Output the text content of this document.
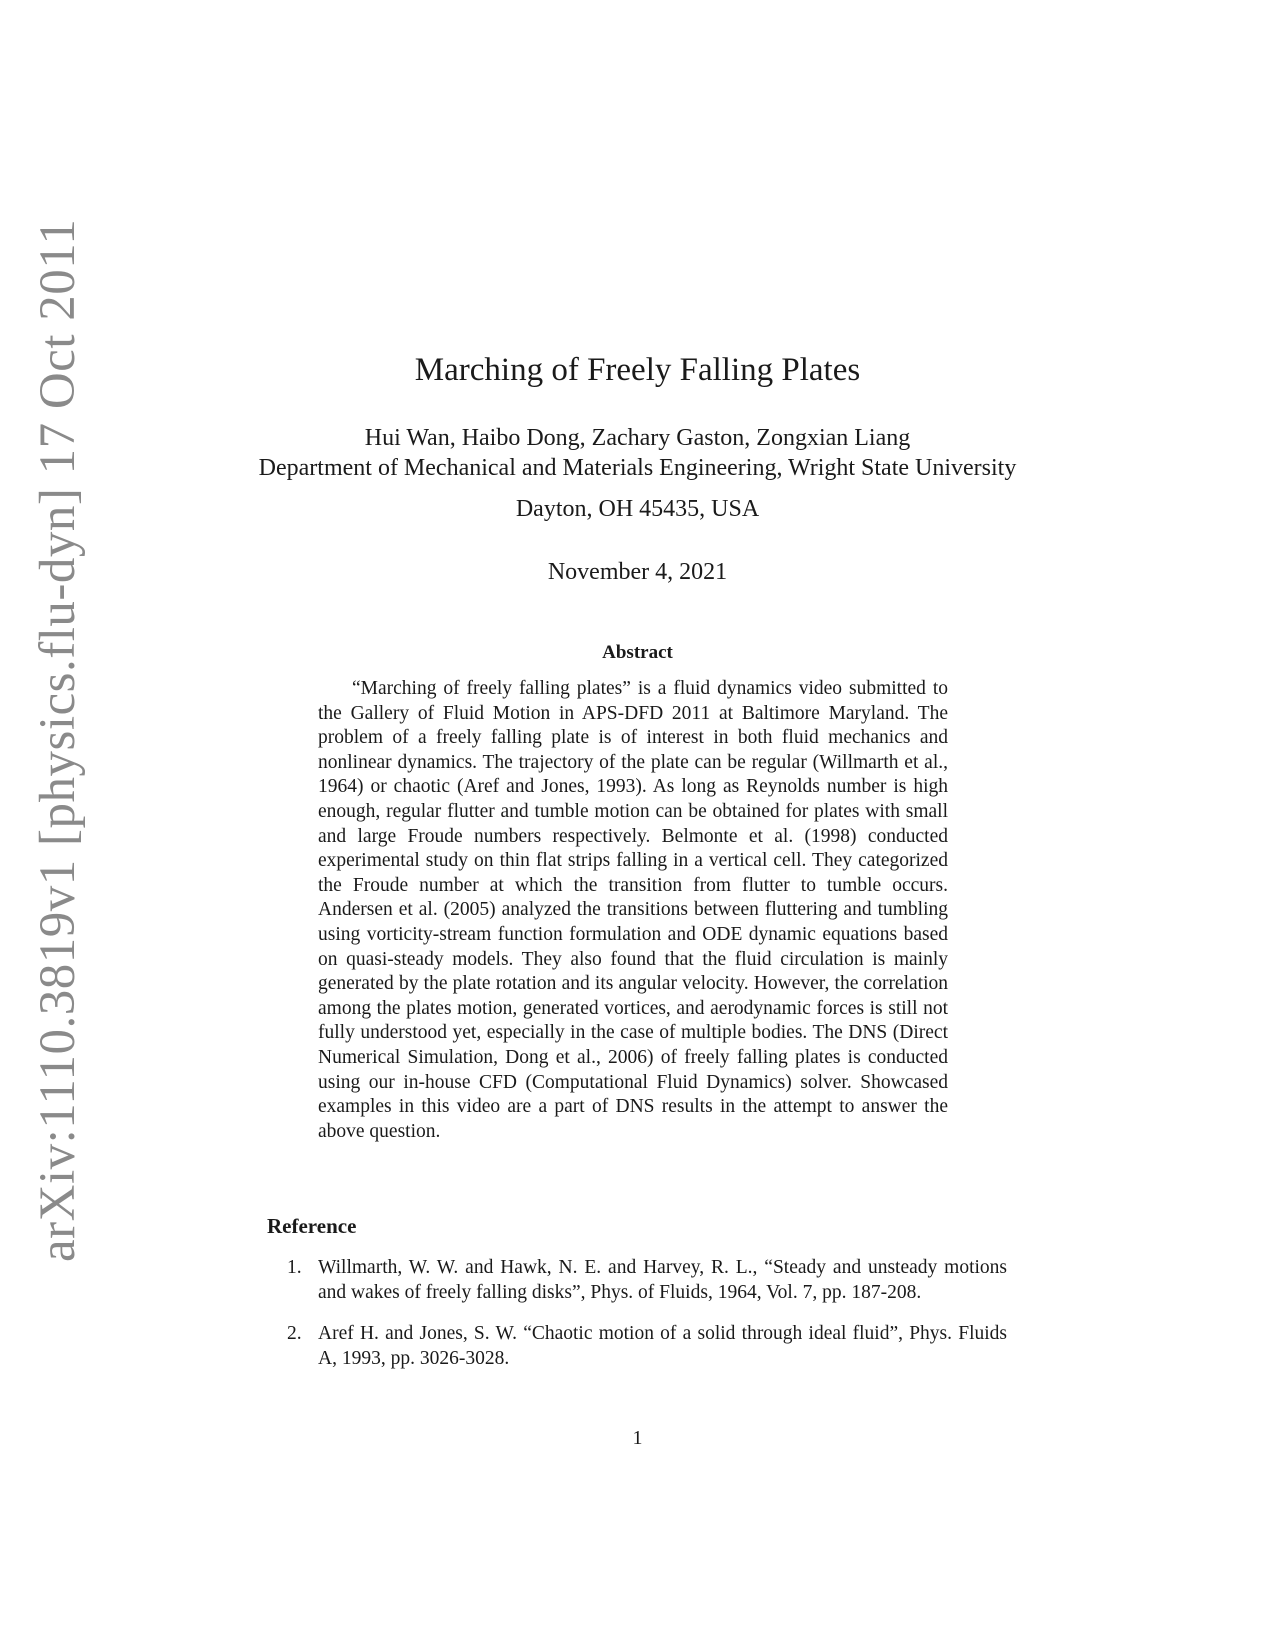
arXiv:1110.3819v1 [physics.flu-dyn] 17 Oct 2011	Marching of Freely Falling Plates
Hui Wan, Haibo Dong, Zachary Gaston, Zongxian Liang
Department of Mechanical and Materials Engineering, Wright State University
Dayton, OH 45435, USA
November 4, 2021
Abstract

“Marching of freely falling plates” is a fluid dynamics video submitted to the Gallery of Fluid Motion in APS-DFD 2011 at Baltimore Maryland. The problem of a freely falling plate is of interest in both fluid mechanics and nonlinear dynamics. The trajectory of the plate can be regular (Willmarth et al., 1964) or chaotic (Aref and Jones, 1993). As long as Reynolds number is high enough, regular flutter and tumble motion can be obtained for plates with small and large Froude numbers respectively. Belmonte et al. (1998) conducted experimental study on thin flat strips falling in a vertical cell. They categorized the Froude number at which the transition from flutter to tumble occurs. Andersen et al. (2005) analyzed the transitions between fluttering and tumbling using vorticity-stream function formulation and ODE dynamic equations based on quasi-steady models. They also found that the fluid circulation is mainly generated by the plate rotation and its angular velocity. However, the correlation among the plates motion, generated vortices, and aerodynamic forces is still not fully understood yet, especially in the case of multiple bodies. The DNS (Direct Numerical Simulation, Dong et al., 2006) of freely falling plates is conducted using our in-house CFD (Computational Fluid Dynamics) solver. Showcased examples in this video are a part of DNS results in the attempt to answer the above question.

Reference
1. Willmarth, W. W. and Hawk, N. E. and Harvey, R. L., “Steady and unsteady motions and wakes of freely falling disks”, Phys. of Fluids, 1964, Vol. 7, pp. 187-208.
2. Aref H. and Jones, S. W. “Chaotic motion of a solid through ideal fluid”, Phys. Fluids A, 1993, pp. 3026-3028.
1
